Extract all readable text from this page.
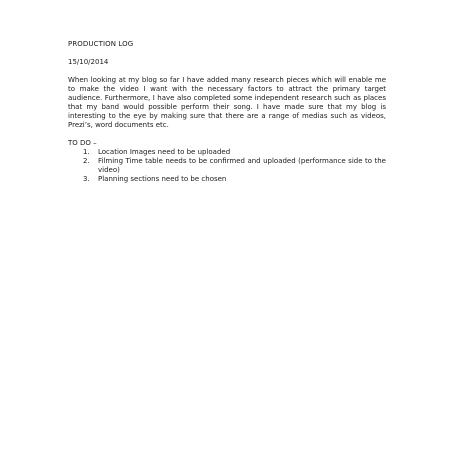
PRODUCTION LOG
15/10/2014
When looking at my blog so far I have added many research pieces which will enable me to make the video I want with the necessary factors to attract the primary target audience. Furthermore, I have also completed some independent research such as places that my band would possible perform their song. I have made sure that my blog is interesting to the eye by making sure that there are a range of medias such as videos, Prezi’s, word documents etc.
TO DO –
1.	Location Images need to be uploaded
2.	Filming Time table needs to be confirmed and uploaded (performance side to the video)
3.	Planning sections need to be chosen
